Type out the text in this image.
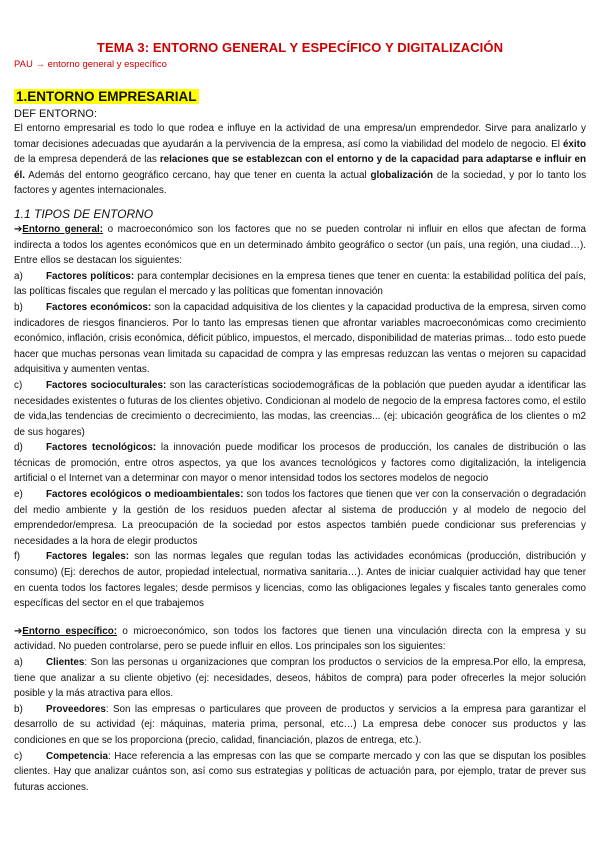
TEMA 3: ENTORNO GENERAL Y ESPECÍFICO Y DIGITALIZACIÓN
PAU → entorno general y específico
1.ENTORNO EMPRESARIAL
DEF ENTORNO:

El entorno empresarial es todo lo que rodea e influye en la actividad de una empresa/un emprendedor. Sirve para analizarlo y tomar decisiones adecuadas que ayudarán a la pervivencia de la empresa, así como la viabilidad del modelo de negocio. El éxito de la empresa dependerá de las relaciones que se establezcan con el entorno y de la capacidad para adaptarse e influir en él. Además del entorno geográfico cercano, hay que tener en cuenta la actual globalización de la sociedad, y por lo tanto los factores y agentes internacionales.

1.1 TIPOS DE ENTORNO

➔Entorno general: o macroeconómico son los factores que no se pueden controlar ni influir en ellos que afectan de forma indirecta a todos los agentes económicos que en un determinado ámbito geográfico o sector (un país, una región, una ciudad…). Entre ellos se destacan los siguientes:

a) Factores políticos: para contemplar decisiones en la empresa tienes que tener en cuenta: la estabilidad política del país, las políticas fiscales que regulan el mercado y las políticas que fomentan innovación

b) Factores económicos: son la capacidad adquisitiva de los clientes y la capacidad productiva de la empresa, sirven como indicadores de riesgos financieros. Por lo tanto las empresas tienen que afrontar variables macroeconómicas como crecimiento económico, inflación, crisis económica, déficit público, impuestos, el mercado, disponibilidad de materias primas... todo esto puede hacer que muchas personas vean limitada su capacidad de compra y las empresas reduzcan las ventas o mejoren su capacidad adquisitiva y aumenten ventas.

c) Factores socioculturales: son las características sociodemográficas de la población que pueden ayudar a identificar las necesidades existentes o futuras de los clientes objetivo. Condicionan al modelo de negocio de la empresa factores como, el estilo de vida,las tendencias de crecimiento o decrecimiento, las modas, las creencias... (ej: ubicación geográfica de los clientes o m2 de sus hogares)

d) Factores tecnológicos: la innovación puede modificar los procesos de producción, los canales de distribución o las técnicas de promoción, entre otros aspectos, ya que los avances tecnológicos y factores como digitalización, la inteligencia artificial o el Internet van a determinar con mayor o menor intensidad todos los sectores modelos de negocio

e) Factores ecológicos o medioambientales: son todos los factores que tienen que ver con la conservación o degradación del medio ambiente y la gestión de los residuos pueden afectar al sistema de producción y al modelo de negocio del emprendedor/empresa. La preocupación de la sociedad por estos aspectos también puede condicionar sus preferencias y necesidades a la hora de elegir productos

f)	Factores legales: son las normas legales que regulan todas las actividades económicas (producción, distribución y consumo) (Ej: derechos de autor, propiedad intelectual, normativa sanitaria…). Antes de iniciar cualquier actividad hay que tener en cuenta todos los factores legales; desde permisos y licencias, como las obligaciones legales y fiscales tanto generales como específicas del sector en el que trabajemos

➔Entorno específico: o microeconómico, son todos los factores que tienen una vinculación directa con la empresa y su actividad. No pueden controlarse, pero se puede influir en ellos. Los principales son los siguientes:

a) Clientes: Son las personas u organizaciones que compran los productos o servicios de la empresa.Por ello, la empresa, tiene que analizar a su cliente objetivo (ej: necesidades, deseos, hábitos de compra) para poder ofrecerles la mejor solución posible y la más atractiva para ellos.

b) Proveedores: Son las empresas o particulares que proveen de productos y servicios a la empresa para garantizar el desarrollo de su actividad (ej: máquinas, materia prima, personal, etc…) La empresa debe conocer sus productos y las condiciones en que se los proporciona (precio, calidad, financiación, plazos de entrega, etc.).

c) Competencia: Hace referencia a las empresas con las que se comparte mercado y con las que se disputan los posibles clientes. Hay que analizar cuántos son, así como sus estrategias y políticas de actuación para, por ejemplo, tratar de prever sus futuras acciones.
